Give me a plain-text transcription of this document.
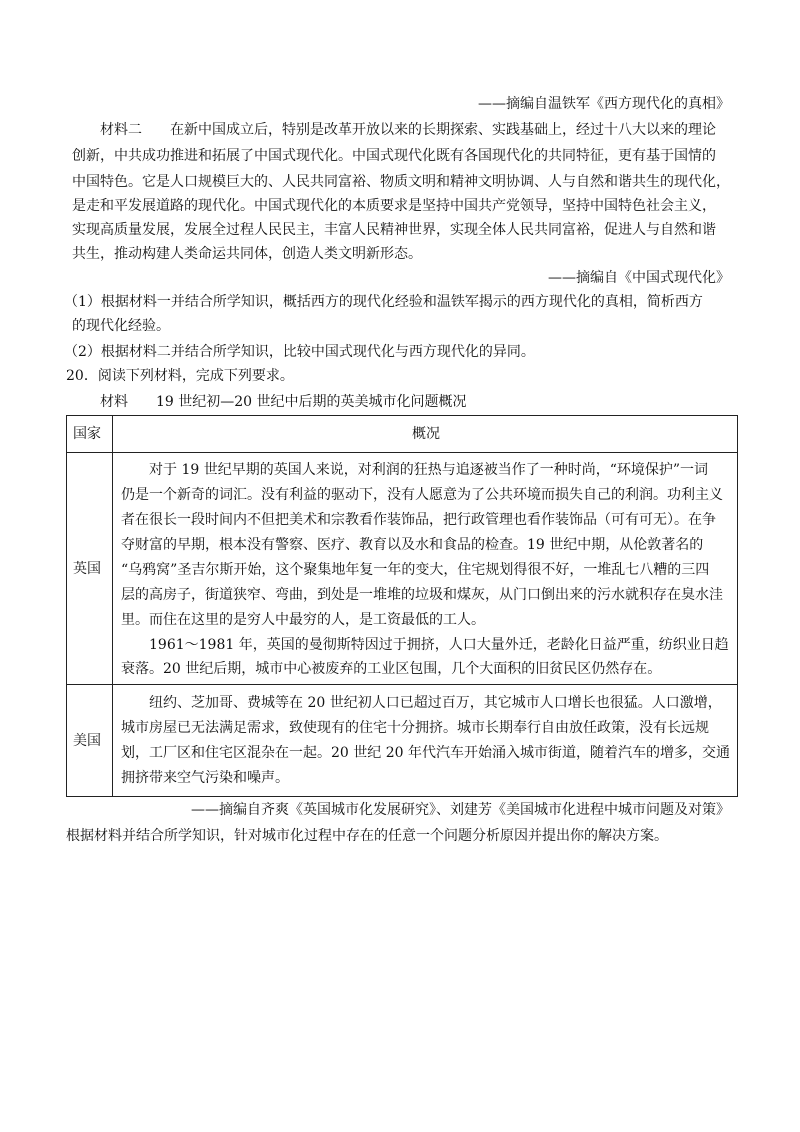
——摘编自温铁军《西方现代化的真相》
材料二　　在新中国成立后，特别是改革开放以来的长期探索、实践基础上，经过十八大以来的理论
创新，中共成功推进和拓展了中国式现代化。中国式现代化既有各国现代化的共同特征，更有基于国情的
中国特色。它是人口规模巨大的、人民共同富裕、物质文明和精神文明协调、人与自然和谐共生的现代化，
是走和平发展道路的现代化。中国式现代化的本质要求是坚持中国共产党领导，坚持中国特色社会主义，
实现高质量发展，发展全过程人民民主，丰富人民精神世界，实现全体人民共同富裕，促进人与自然和谐
共生，推动构建人类命运共同体，创造人类文明新形态。
——摘编自《中国式现代化》
（1）根据材料一并结合所学知识，概括西方的现代化经验和温铁军揭示的西方现代化的真相，简析西方
的现代化经验。
（2）根据材料二并结合所学知识，比较中国式现代化与西方现代化的异同。
20．阅读下列材料，完成下列要求。
材料　　19 世纪初—20 世纪中后期的英美城市化问题概况
国家	概况
英国
对于 19 世纪早期的英国人来说，对利润的狂热与追逐被当作了一种时尚，“环境保护”一词
仍是一个新奇的词汇。没有利益的驱动下，没有人愿意为了公共环境而损失自己的利润。功利主义
者在很长一段时间内不但把美术和宗教看作装饰品，把行政管理也看作装饰品（可有可无）。在争
夺财富的早期，根本没有警察、医疗、教育以及水和食品的检查。19 世纪中期，从伦敦著名的
“乌鸦窝”圣吉尔斯开始，这个聚集地年复一年的变大，住宅规划得很不好，一堆乱七八糟的三四
层的高房子，街道狭窄、弯曲，到处是一堆堆的垃圾和煤灰，从门口倒出来的污水就积存在臭水洼
里。而住在这里的是穷人中最穷的人，是工资最低的工人。
1961～1981 年，英国的曼彻斯特因过于拥挤，人口大量外迁，老龄化日益严重，纺织业日趋
衰落。20 世纪后期，城市中心被废弃的工业区包围，几个大面积的旧贫民区仍然存在。
美国
纽约、芝加哥、费城等在 20 世纪初人口已超过百万，其它城市人口增长也很猛。人口激增，
城市房屋已无法满足需求，致使现有的住宅十分拥挤。城市长期奉行自由放任政策，没有长远规
划，工厂区和住宅区混杂在一起。20 世纪 20 年代汽车开始涌入城市街道，随着汽车的增多，交通
拥挤带来空气污染和噪声。
——摘编自齐爽《英国城市化发展研究》、刘建芳《美国城市化进程中城市问题及对策》
根据材料并结合所学知识，针对城市化过程中存在的任意一个问题分析原因并提出你的解决方案。
